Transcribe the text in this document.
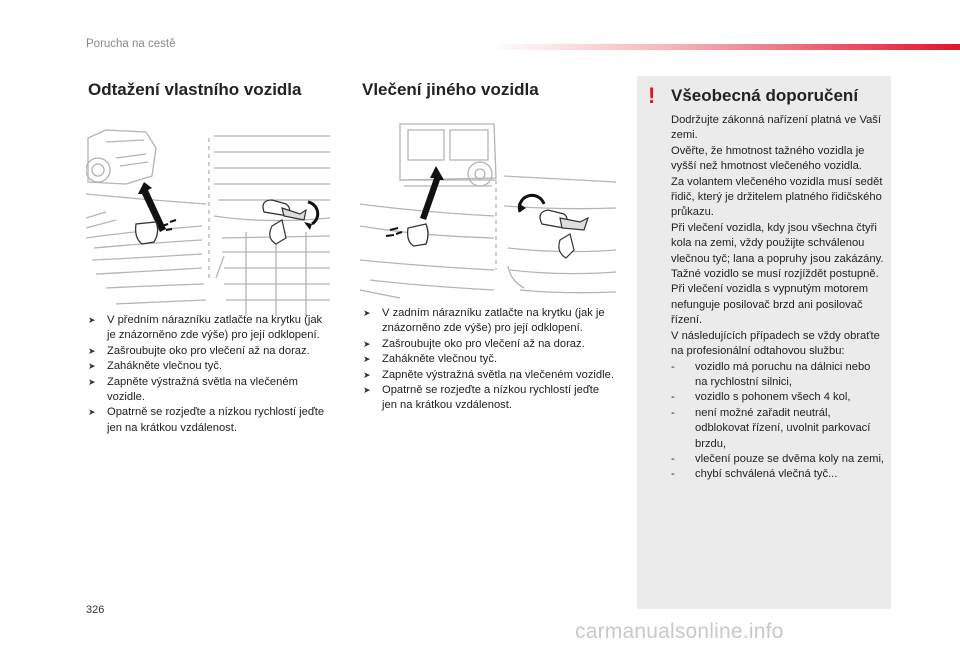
Porucha na cestě
Odtažení vlastního vozidla
➤	V předním nárazníku zatlačte na krytku (jak je znázorněno zde výše) pro její odklopení.
➤	Zašroubujte oko pro vlečení až na doraz.
➤	Zahákněte vlečnou tyč.
➤	Zapněte výstražná světla na vlečeném vozidle.
➤	Opatrně se rozjeďte a nízkou rychlostí jeďte jen na krátkou vzdálenost.
Vlečení jiného vozidla
➤	V zadním nárazníku zatlačte na krytku (jak je znázorněno zde výše) pro její odklopení.
➤	Zašroubujte oko pro vlečení až na doraz.
➤	Zahákněte vlečnou tyč.
➤	Zapněte výstražná světla na vlečeném vozidle.
➤	Opatrně se rozjeďte a nízkou rychlostí jeďte jen na krátkou vzdálenost.
! Všeobecná doporučení

Dodržujte zákonná nařízení platná ve Vaší zemi.

Ověřte, že hmotnost tažného vozidla je vyšší než hmotnost vlečeného vozidla.

Za volantem vlečeného vozidla musí sedět řidič, který je držitelem platného řidičského průkazu.

Při vlečení vozidla, kdy jsou všechna čtyři kola na zemi, vždy použijte schválenou vlečnou tyč; lana a popruhy jsou zakázány.

Tažné vozidlo se musí rozjíždět postupně.

Při vlečení vozidla s vypnutým motorem nefunguje posilovač brzd ani posilovač řízení.

V následujících případech se vždy obraťte na profesionální odtahovou službu:

-	vozidlo má poruchu na dálnici nebo na rychlostní silnici,
-	vozidlo s pohonem všech 4 kol,
-	není možné zařadit neutrál, odblokovat řízení, uvolnit parkovací brzdu,
-	vlečení pouze se dvěma koly na zemi,
-	chybí schválená vlečná tyč...
326
carmanualsonline.info
